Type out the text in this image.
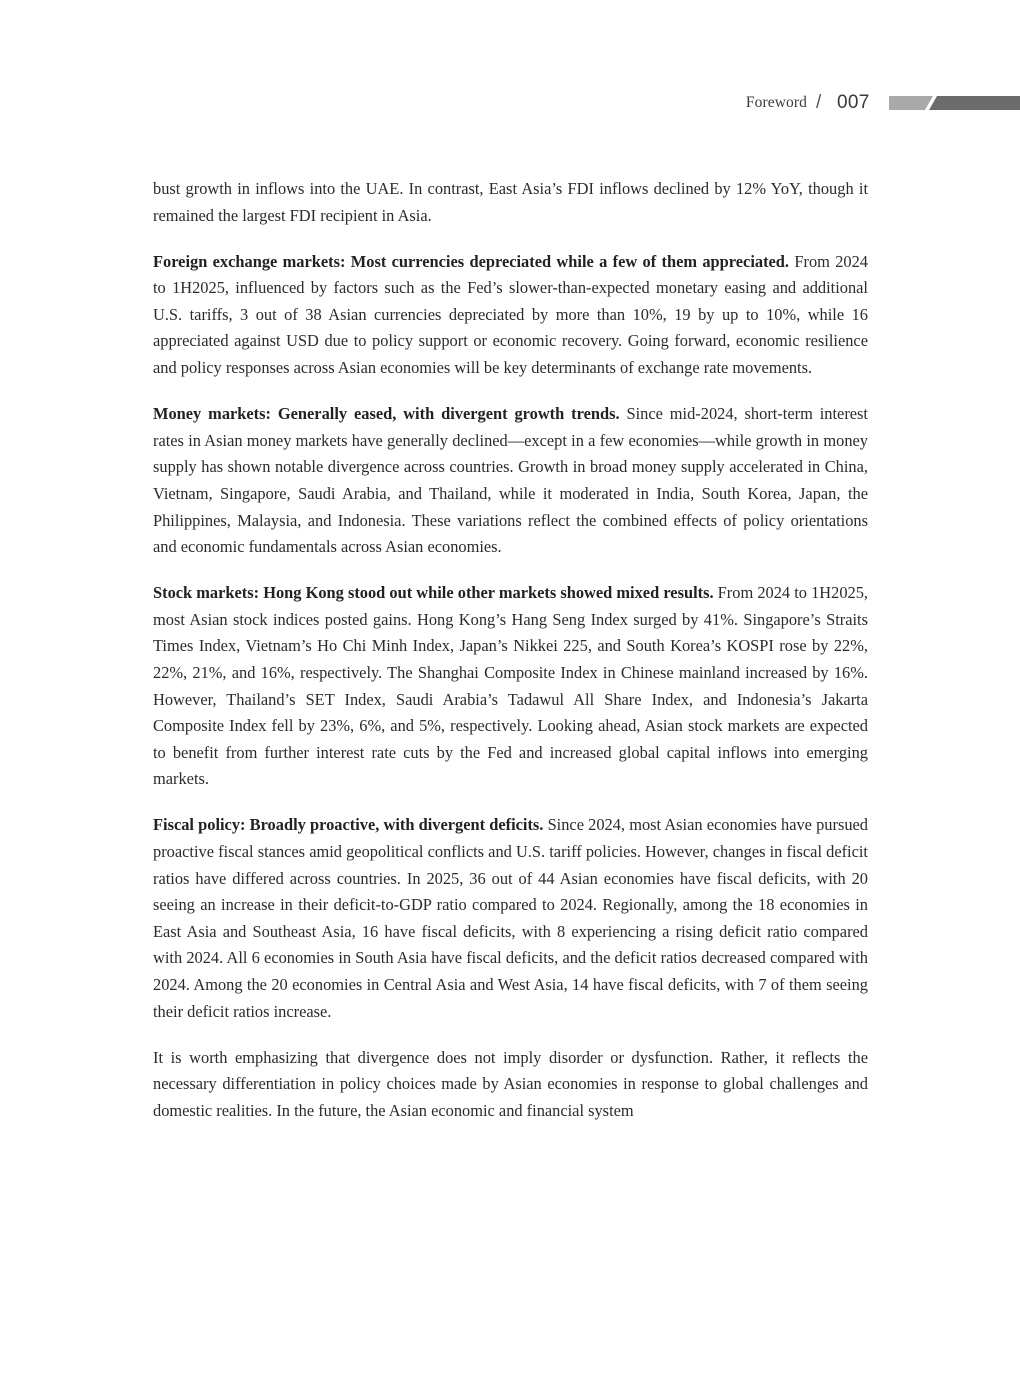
Foreword / 007

bust growth in inflows into the UAE. In contrast, East Asia’s FDI inflows declined by 12% YoY, though it remained the largest FDI recipient in Asia.

Foreign exchange markets: Most currencies depreciated while a few of them appreciated. From 2024 to 1H2025, influenced by factors such as the Fed’s slower-than-expected monetary easing and additional U.S. tariffs, 3 out of 38 Asian currencies depreciated by more than 10%, 19 by up to 10%, while 16 appreciated against USD due to policy support or economic recovery. Going forward, economic resilience and policy responses across Asian economies will be key determinants of exchange rate movements.

Money markets: Generally eased, with divergent growth trends. Since mid-2024, short-term interest rates in Asian money markets have generally declined—except in a few economies—while growth in money supply has shown notable divergence across countries. Growth in broad money supply accelerated in China, Vietnam, Singapore, Saudi Arabia, and Thailand, while it moderated in India, South Korea, Japan, the Philippines, Malaysia, and Indonesia. These variations reflect the combined effects of policy orientations and economic fundamentals across Asian economies.

Stock markets: Hong Kong stood out while other markets showed mixed results. From 2024 to 1H2025, most Asian stock indices posted gains. Hong Kong’s Hang Seng Index surged by 41%. Singapore’s Straits Times Index, Vietnam’s Ho Chi Minh Index, Japan’s Nikkei 225, and South Korea’s KOSPI rose by 22%, 22%, 21%, and 16%, respectively. The Shanghai Composite Index in Chinese mainland increased by 16%. However, Thailand’s SET Index, Saudi Arabia’s Tadawul All Share Index, and Indonesia’s Jakarta Composite Index fell by 23%, 6%, and 5%, respectively. Looking ahead, Asian stock markets are expected to benefit from further interest rate cuts by the Fed and increased global capital inflows into emerging markets.

Fiscal policy: Broadly proactive, with divergent deficits. Since 2024, most Asian economies have pursued proactive fiscal stances amid geopolitical conflicts and U.S. tariff policies. However, changes in fiscal deficit ratios have differed across countries. In 2025, 36 out of 44 Asian economies have fiscal deficits, with 20 seeing an increase in their deficit-to-GDP ratio compared to 2024. Regionally, among the 18 economies in East Asia and Southeast Asia, 16 have fiscal deficits, with 8 experiencing a rising deficit ratio compared with 2024. All 6 economies in South Asia have fiscal deficits, and the deficit ratios decreased compared with 2024. Among the 20 economies in Central Asia and West Asia, 14 have fiscal deficits, with 7 of them seeing their deficit ratios increase.

It is worth emphasizing that divergence does not imply disorder or dysfunction. Rather, it reflects the necessary differentiation in policy choices made by Asian economies in response to global challenges and domestic realities. In the future, the Asian economic and financial system
